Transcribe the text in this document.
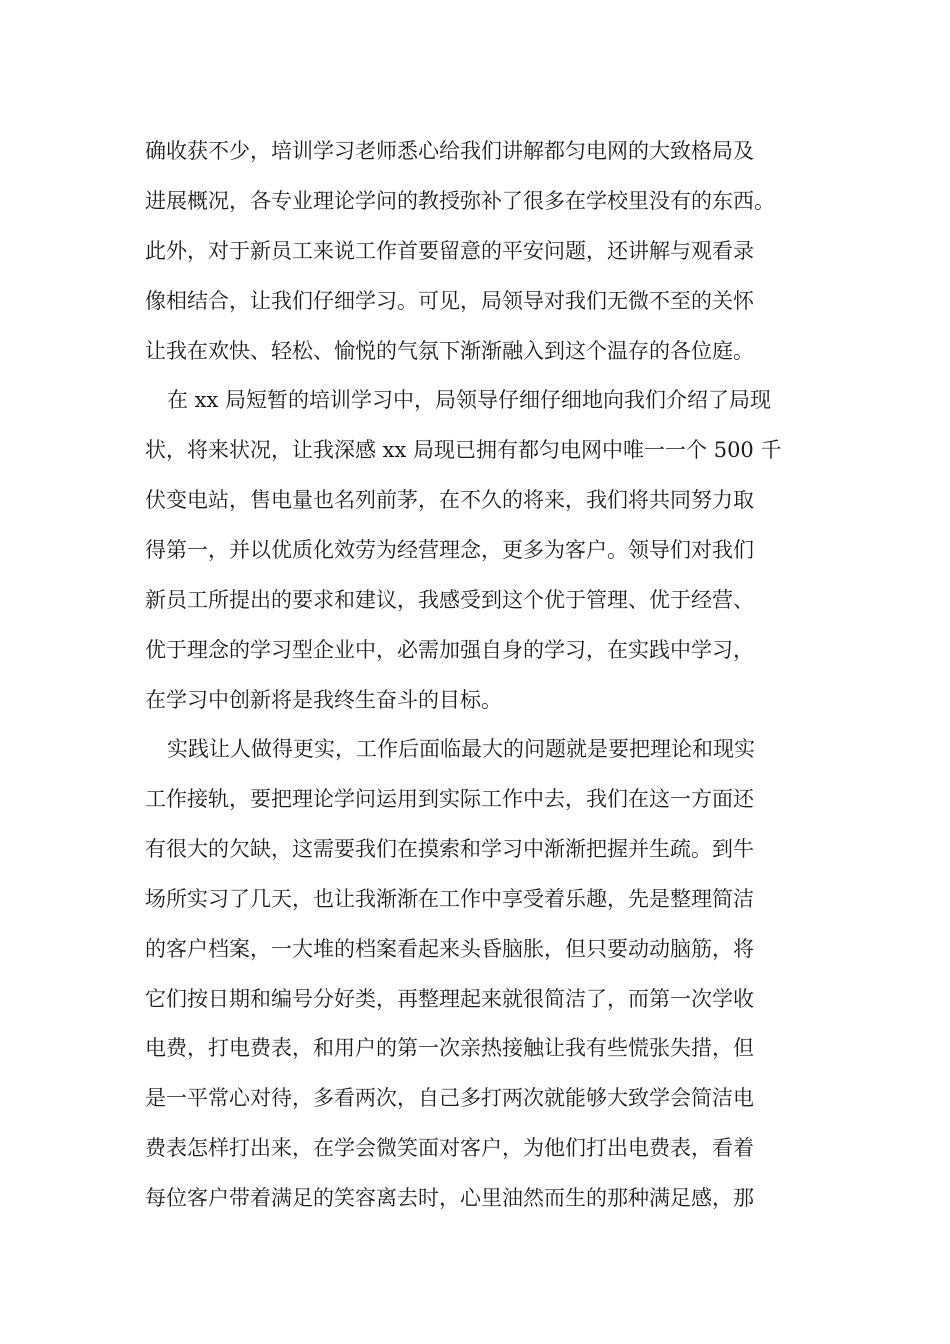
确收获不少，培训学习老师悉心给我们讲解都匀电网的大致格局及
进展概况，各专业理论学问的教授弥补了很多在学校里没有的东西。
此外，对于新员工来说工作首要留意的平安问题，还讲解与观看录
像相结合，让我们仔细学习。可见，局领导对我们无微不至的关怀
让我在欢快、轻松、愉悦的气氛下渐渐融入到这个温存的各位庭。
在 xx 局短暂的培训学习中，局领导仔细仔细地向我们介绍了局现
状，将来状况，让我深感 xx 局现已拥有都匀电网中唯一一个 500 千
伏变电站，售电量也名列前茅，在不久的将来，我们将共同努力取
得第一，并以优质化效劳为经营理念，更多为客户。领导们对我们
新员工所提出的要求和建议，我感受到这个优于管理、优于经营、
优于理念的学习型企业中，必需加强自身的学习，在实践中学习，
在学习中创新将是我终生奋斗的目标。
实践让人做得更实，工作后面临最大的问题就是要把理论和现实
工作接轨，要把理论学问运用到实际工作中去，我们在这一方面还
有很大的欠缺，这需要我们在摸索和学习中渐渐把握并生疏。到牛
场所实习了几天，也让我渐渐在工作中享受着乐趣，先是整理简洁
的客户档案，一大堆的档案看起来头昏脑胀，但只要动动脑筋，将
它们按日期和编号分好类，再整理起来就很简洁了，而第一次学收
电费，打电费表，和用户的第一次亲热接触让我有些慌张失措，但
是一平常心对待，多看两次，自己多打两次就能够大致学会简洁电
费表怎样打出来，在学会微笑面对客户，为他们打出电费表，看着
每位客户带着满足的笑容离去时，心里油然而生的那种满足感，那
